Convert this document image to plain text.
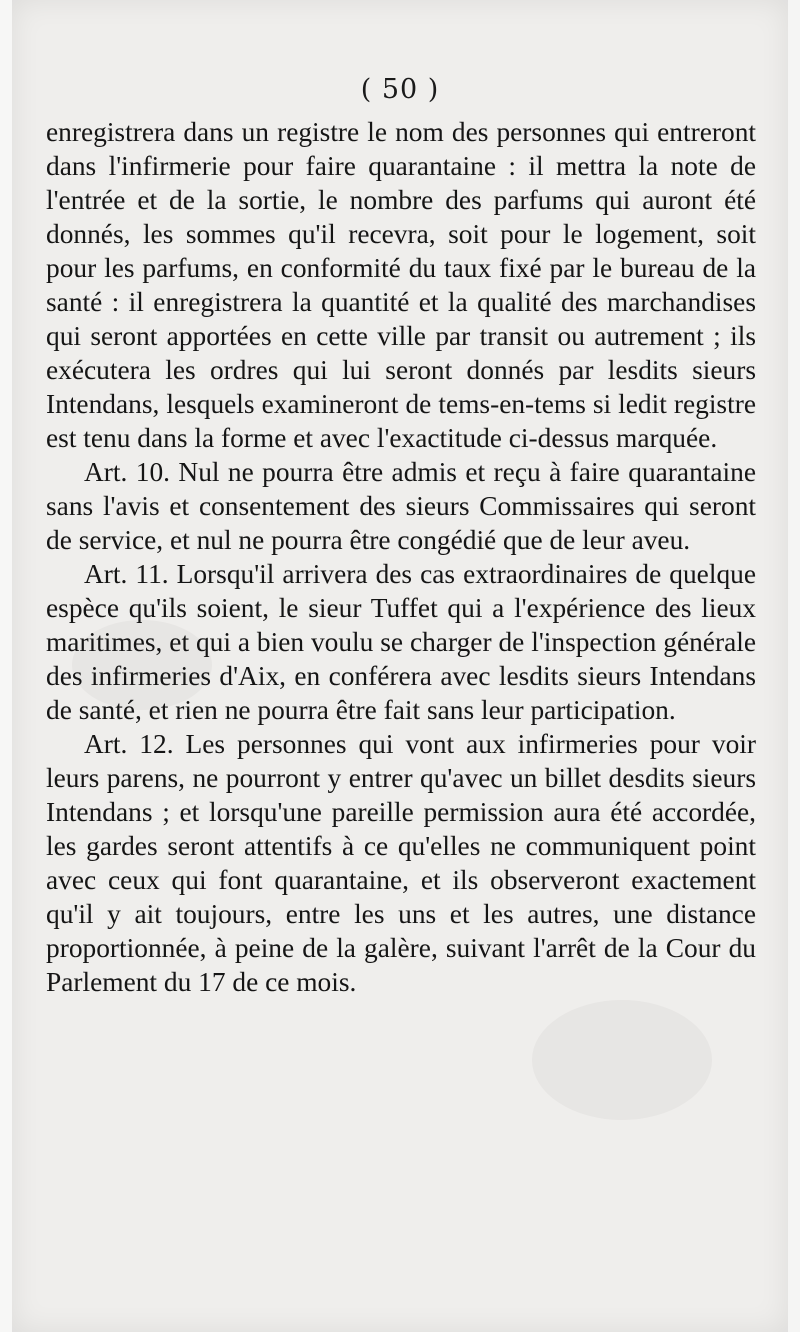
( 50 )

enregistrera dans un registre le nom des personnes qui entreront dans l'infirmerie pour faire quarantaine : il mettra la note de l'entrée et de la sortie, le nombre des parfums qui auront été donnés, les sommes qu'il recevra, soit pour le logement, soit pour les parfums, en conformité du taux fixé par le bureau de la santé : il enregistrera la quantité et la qualité des marchandises qui seront apportées en cette ville par transit ou autrement ; ils exécutera les ordres qui lui seront donnés par lesdits sieurs Intendans, lesquels examineront de tems-en-tems si ledit registre est tenu dans la forme et avec l'exactitude ci-dessus marquée.

Art. 10. Nul ne pourra être admis et reçu à faire quarantaine sans l'avis et consentement des sieurs Commissaires qui seront de service, et nul ne pourra être congédié que de leur aveu.

Art. 11. Lorsqu'il arrivera des cas extraordinaires de quelque espèce qu'ils soient, le sieur Tuffet qui a l'expérience des lieux maritimes, et qui a bien voulu se charger de l'inspection générale des infirmeries d'Aix, en conférera avec lesdits sieurs Intendans de santé, et rien ne pourra être fait sans leur participation.

Art. 12. Les personnes qui vont aux infirmeries pour voir leurs parens, ne pourront y entrer qu'avec un billet desdits sieurs Intendans ; et lorsqu'une pareille permission aura été accordée, les gardes seront attentifs à ce qu'elles ne communiquent point avec ceux qui font quarantaine, et ils observeront exactement qu'il y ait toujours, entre les uns et les autres, une distance proportionnée, à peine de la galère, suivant l'arrêt de la Cour du Parlement du 17 de ce mois.
